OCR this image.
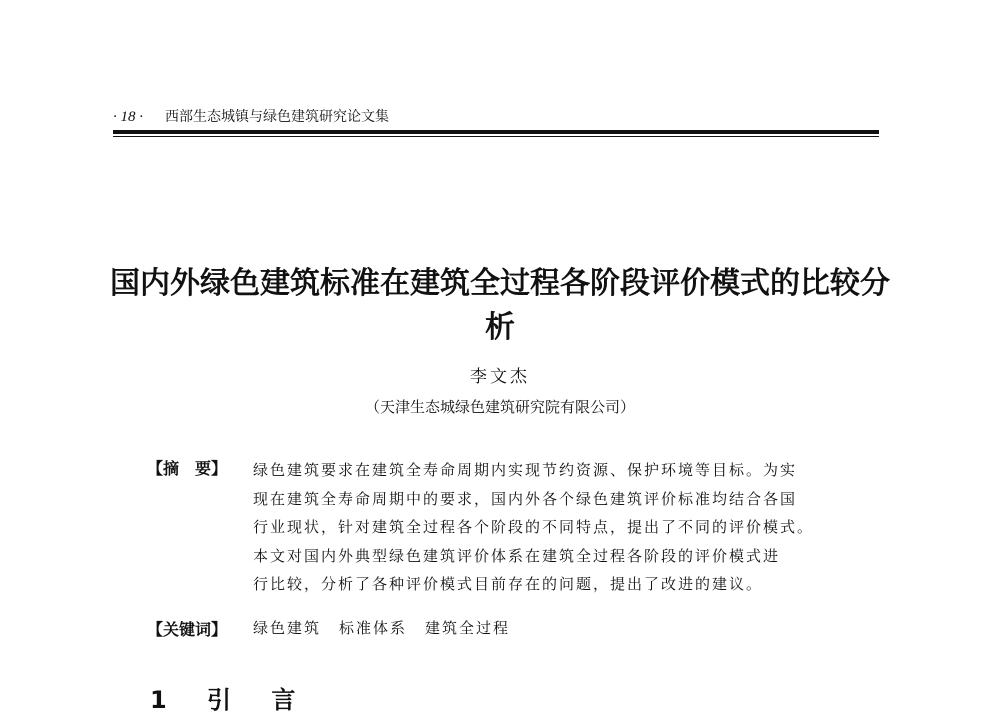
· 18 · 西部生态城镇与绿色建筑研究论文集
国内外绿色建筑标准在建筑全过程各阶段评价模式的比较分析
李文杰
（天津生态城绿色建筑研究院有限公司）
【摘　要】 绿色建筑要求在建筑全寿命周期内实现节约资源、保护环境等目标。为实
现在建筑全寿命周期中的要求，国内外各个绿色建筑评价标准均结合各国
行业现状，针对建筑全过程各个阶段的不同特点，提出了不同的评价模式。
本文对国内外典型绿色建筑评价体系在建筑全过程各阶段的评价模式进
行比较，分析了各种评价模式目前存在的问题，提出了改进的建议。
【关键词】 绿色建筑 标准体系 建筑全过程
1 引 言
